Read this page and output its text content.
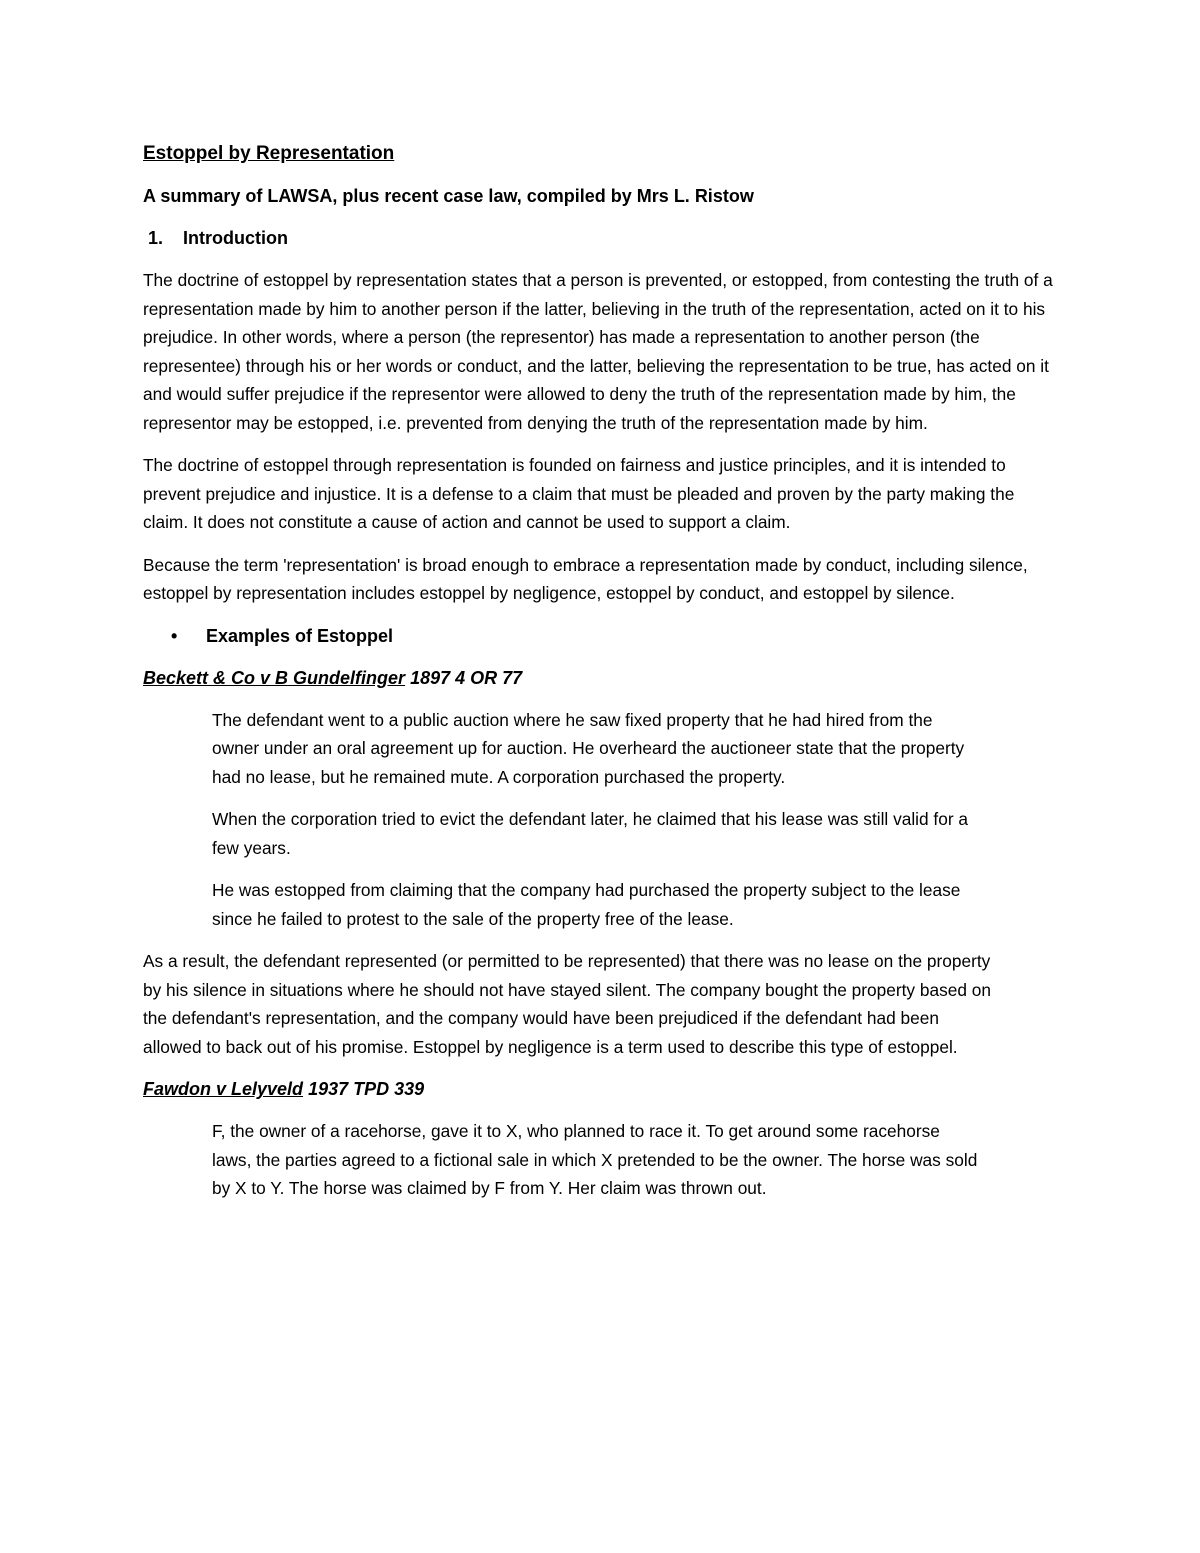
Estoppel by Representation

A summary of LAWSA, plus recent case law, compiled by Mrs L. Ristow

1.	Introduction

The doctrine of estoppel by representation states that a person is prevented, or estopped, from contesting the truth of a representation made by him to another person if the latter, believing in the truth of the representation, acted on it to his prejudice. In other words, where a person (the representor) has made a representation to another person (the representee) through his or her words or conduct, and the latter, believing the representation to be true, has acted on it and would suffer prejudice if the representor were allowed to deny the truth of the representation made by him, the representor may be estopped, i.e. prevented from denying the truth of the representation made by him.

The doctrine of estoppel through representation is founded on fairness and justice principles, and it is intended to prevent prejudice and injustice. It is a defense to a claim that must be pleaded and proven by the party making the claim. It does not constitute a cause of action and cannot be used to support a claim.

Because the term 'representation' is broad enough to embrace a representation made by conduct, including silence, estoppel by representation includes estoppel by negligence, estoppel by conduct, and estoppel by silence.

•	Examples of Estoppel

Beckett & Co v B Gundelfinger 1897 4 OR 77

The defendant went to a public auction where he saw fixed property that he had hired from the owner under an oral agreement up for auction. He overheard the auctioneer state that the property had no lease, but he remained mute. A corporation purchased the property.

When the corporation tried to evict the defendant later, he claimed that his lease was still valid for a few years.

He was estopped from claiming that the company had purchased the property subject to the lease since he failed to protest to the sale of the property free of the lease.

As a result, the defendant represented (or permitted to be represented) that there was no lease on the property by his silence in situations where he should not have stayed silent. The company bought the property based on the defendant's representation, and the company would have been prejudiced if the defendant had been allowed to back out of his promise. Estoppel by negligence is a term used to describe this type of estoppel.

Fawdon v Lelyveld 1937 TPD 339

F, the owner of a racehorse, gave it to X, who planned to race it. To get around some racehorse laws, the parties agreed to a fictional sale in which X pretended to be the owner. The horse was sold by X to Y. The horse was claimed by F from Y. Her claim was thrown out.
